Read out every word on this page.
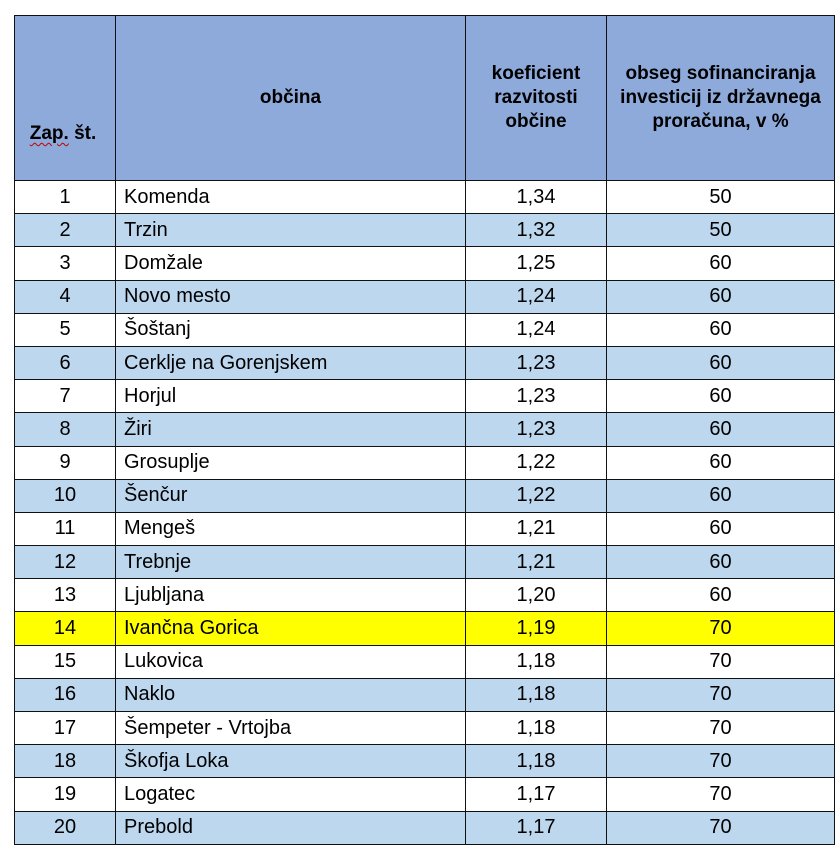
Zap. št.	občina	koeficient razvitosti občine	obseg sofinanciranja investicij iz državnega proračuna, v %
1	Komenda	1,34	50
2	Trzin	1,32	50
3	Domžale	1,25	60
4	Novo mesto	1,24	60
5	Šoštanj	1,24	60
6	Cerklje na Gorenjskem	1,23	60
7	Horjul	1,23	60
8	Žiri	1,23	60
9	Grosuplje	1,22	60
10	Šenčur	1,22	60
11	Mengeš	1,21	60
12	Trebnje	1,21	60
13	Ljubljana	1,20	60
14	Ivančna Gorica	1,19	70
15	Lukovica	1,18	70
16	Naklo	1,18	70
17	Šempeter - Vrtojba	1,18	70
18	Škofja Loka	1,18	70
19	Logatec	1,17	70
20	Prebold	1,17	70
